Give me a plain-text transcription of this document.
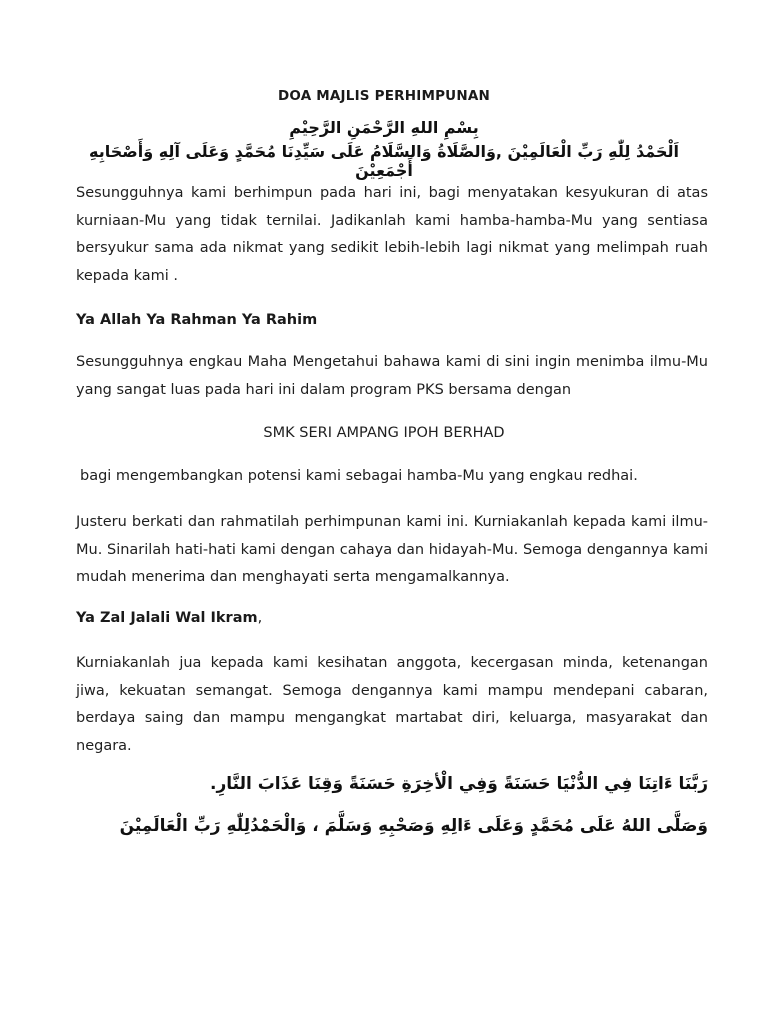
DOA MAJLIS PERHIMPUNAN
بِسْمِ اللهِ الرَّحْمَنِ الرَّحِيْمِ
اَلْحَمْدُ لِلّٰهِ رَبِّ الْعَالَمِيْنَ ,وَالصَّلَاةُ وَالسَّلَامُ عَلَى سَيِّدِنَا مُحَمَّدٍ وَعَلَى آلِهِ وَأَصْحَابِهِ أَجْمَعِيْنَ
Sesungguhnya kami berhimpun pada hari ini, bagi menyatakan kesyukuran di atas kurniaan-Mu yang tidak ternilai. Jadikanlah kami hamba-hamba-Mu yang sentiasa bersyukur sama ada nikmat yang sedikit lebih-lebih lagi nikmat yang melimpah ruah kepada kami .
Ya Allah Ya Rahman Ya Rahim
Sesungguhnya engkau Maha Mengetahui bahawa kami di sini ingin menimba ilmu-Mu yang sangat luas pada hari ini dalam program PKS bersama dengan
SMK SERI AMPANG IPOH BERHAD
bagi mengembangkan potensi kami sebagai hamba-Mu yang engkau redhai.
Justeru berkati dan rahmatilah perhimpunan kami ini. Kurniakanlah kepada kami ilmu-Mu. Sinarilah hati-hati kami dengan cahaya dan hidayah-Mu. Semoga dengannya kami mudah menerima dan menghayati serta mengamalkannya.
Ya Zal Jalali Wal Ikram,
Kurniakanlah jua kepada kami kesihatan anggota, kecergasan minda, ketenangan jiwa, kekuatan semangat. Semoga dengannya kami mampu mendepani cabaran, berdaya saing dan mampu mengangkat martabat diri, keluarga, masyarakat dan negara.
رَبَّنَا ءَاتِنَا فِي الدُّنْيَا حَسَنَةً وَفِي الْأخِرَةِ حَسَنَةً وَقِنَا عَذَابَ النَّارِ.
وَصَلَّى اللهُ عَلَى مُحَمَّدٍ وَعَلَى ءَالِهِ وَصَحْبِهِ وَسَلَّمَ ، وَالْحَمْدُلِلّٰهِ رَبِّ الْعَالَمِيْنَ
